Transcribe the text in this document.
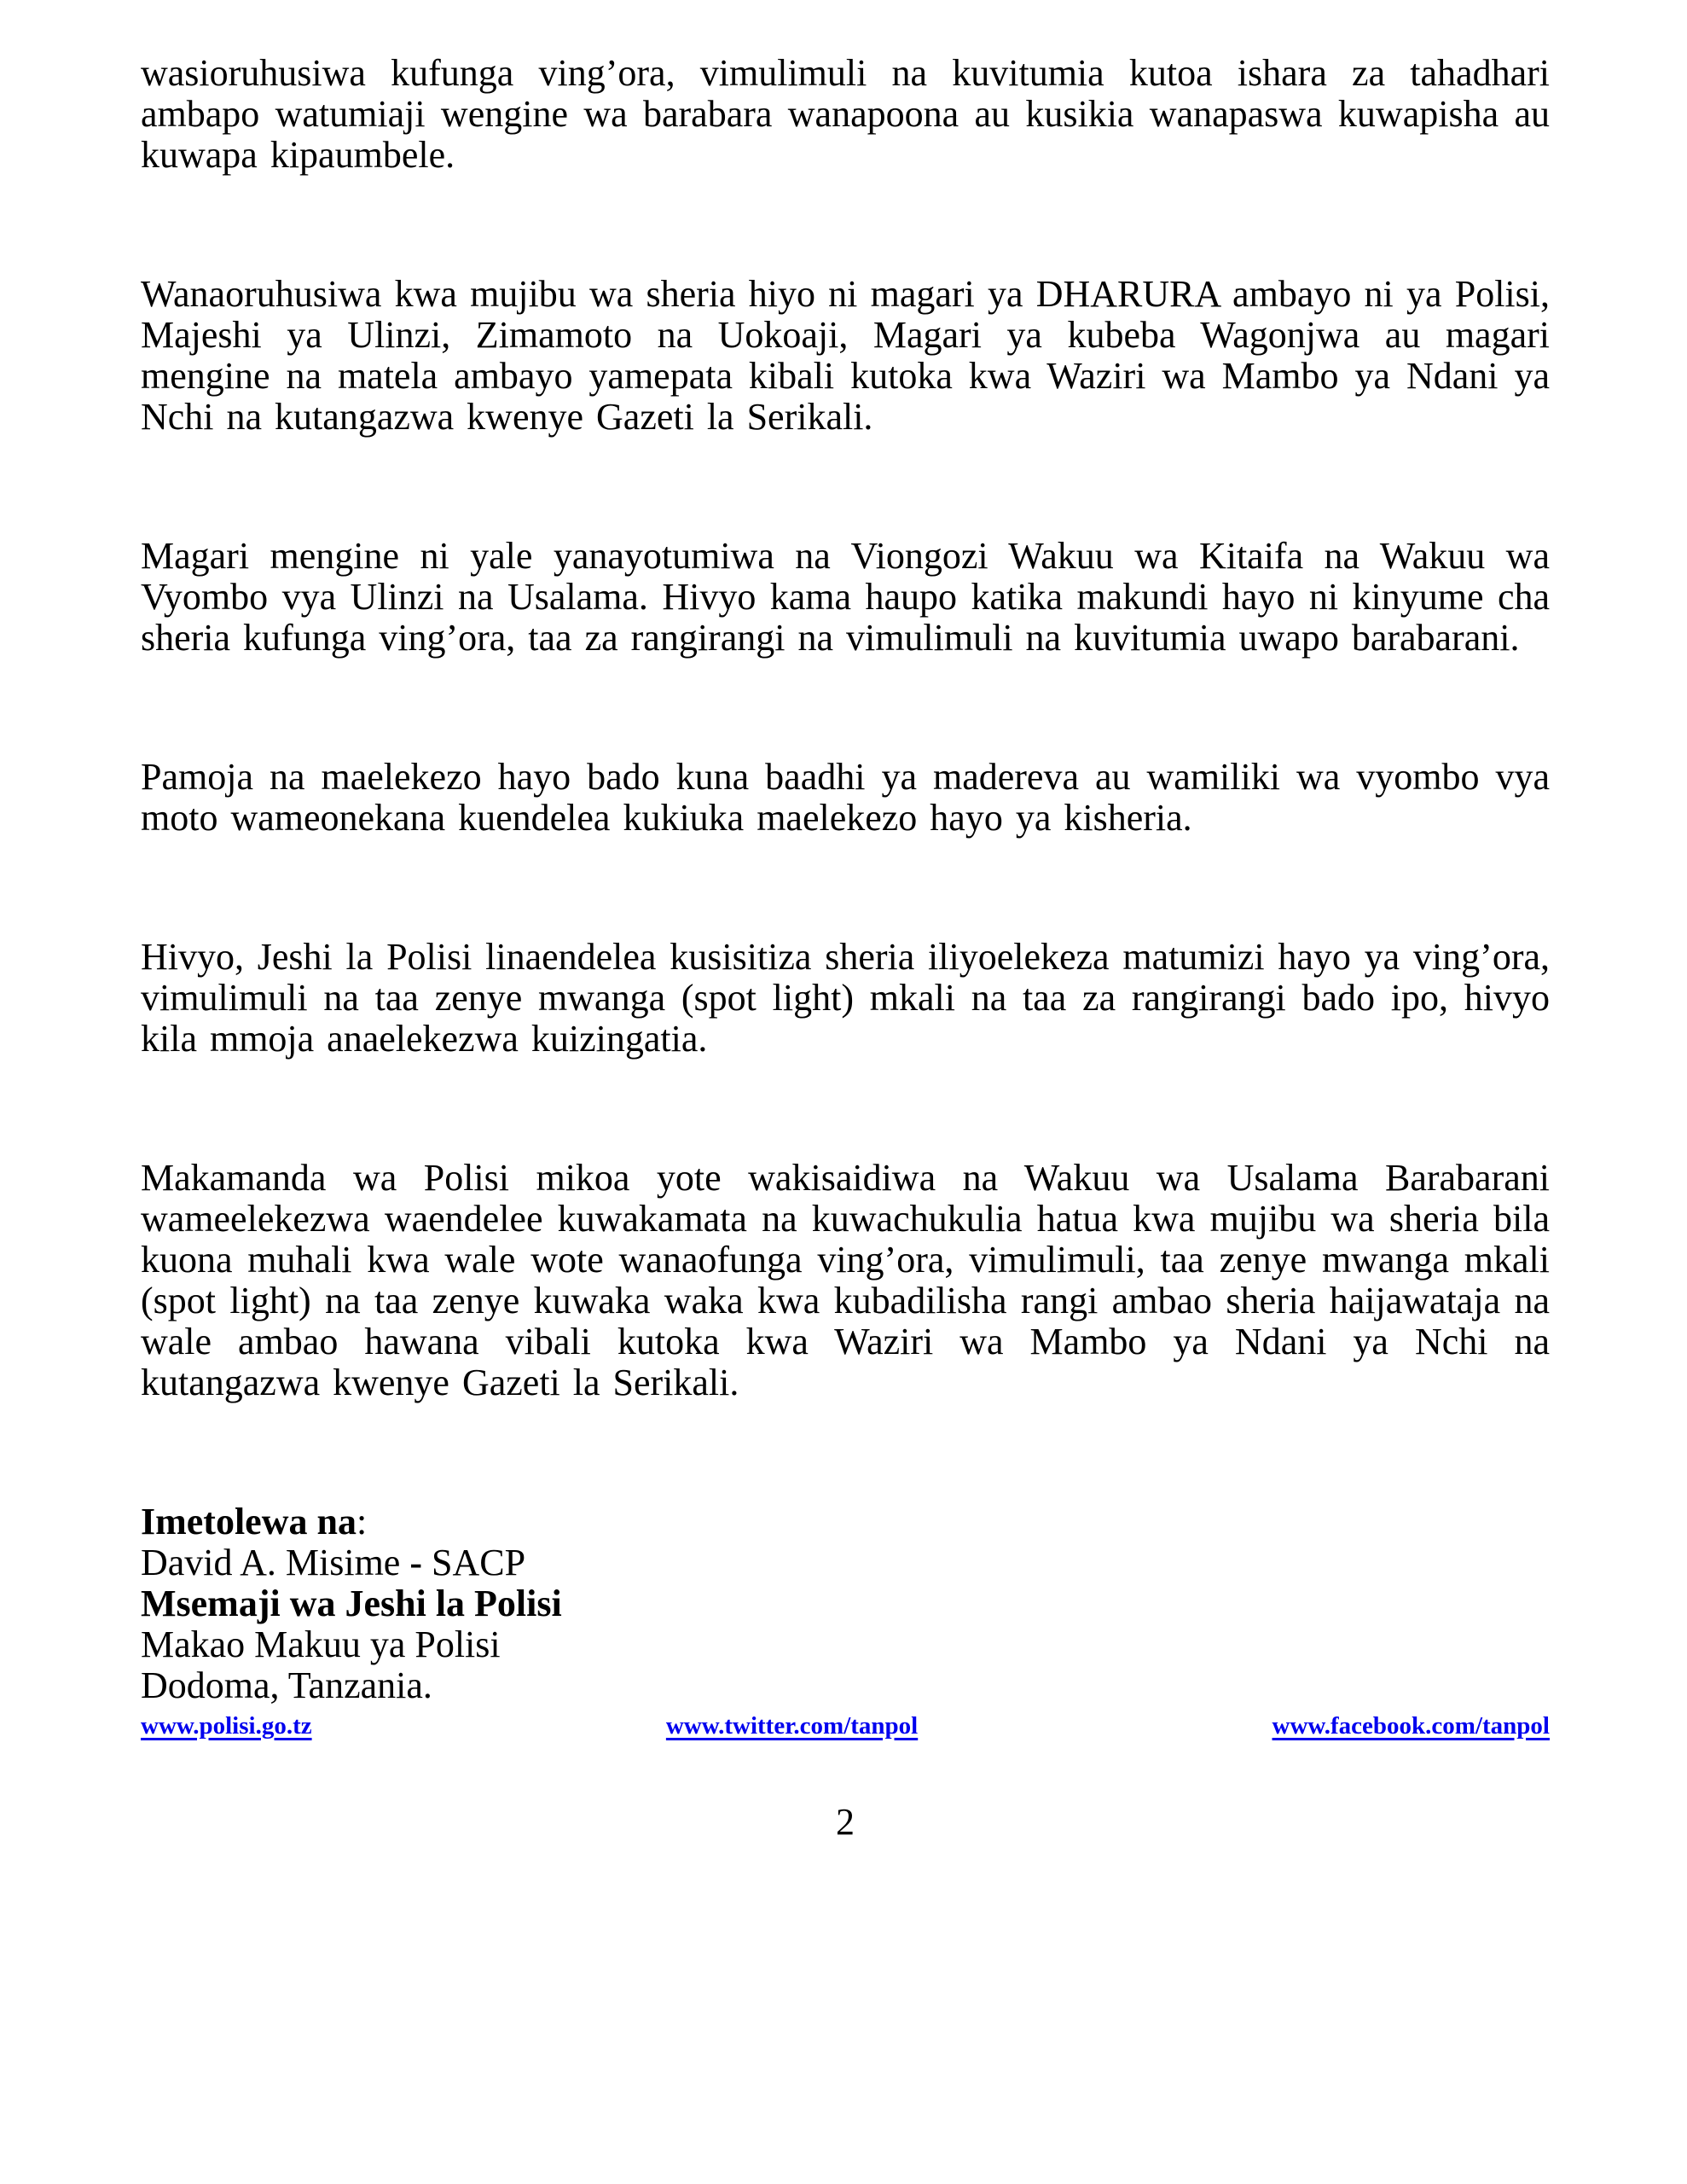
wasioruhusiwa kufunga ving’ora, vimulimuli na kuvitumia kutoa ishara za tahadhari ambapo watumiaji wengine wa barabara wanapoona au kusikia wanapaswa kuwapisha au kuwapa kipaumbele.

Wanaoruhusiwa kwa mujibu wa sheria hiyo ni magari ya DHARURA ambayo ni ya Polisi, Majeshi ya Ulinzi, Zimamoto na Uokoaji, Magari ya kubeba Wagonjwa au magari mengine na matela ambayo yamepata kibali kutoka kwa Waziri wa Mambo ya Ndani ya Nchi na kutangazwa kwenye Gazeti la Serikali.

Magari mengine ni yale yanayotumiwa na Viongozi Wakuu wa Kitaifa na Wakuu wa Vyombo vya Ulinzi na Usalama. Hivyo kama haupo katika makundi hayo ni kinyume cha sheria kufunga ving’ora, taa za rangirangi na vimulimuli na kuvitumia uwapo barabarani.

Pamoja na maelekezo hayo bado kuna baadhi ya madereva au wamiliki wa vyombo vya moto wameonekana kuendelea kukiuka maelekezo hayo ya kisheria.

Hivyo, Jeshi la Polisi linaendelea kusisitiza sheria iliyoelekeza matumizi hayo ya ving’ora, vimulimuli na taa zenye mwanga (spot light) mkali na taa za rangirangi bado ipo, hivyo kila mmoja anaelekezwa kuizingatia.

Makamanda wa Polisi mikoa yote wakisaidiwa na Wakuu wa Usalama Barabarani wameelekezwa waendelee kuwakamata na kuwachukulia hatua kwa mujibu wa sheria bila kuona muhali kwa wale wote wanaofunga ving’ora, vimulimuli, taa zenye mwanga mkali (spot light) na taa zenye kuwaka waka kwa kubadilisha rangi ambao sheria haijawataja na wale ambao hawana vibali kutoka kwa Waziri wa Mambo ya Ndani ya Nchi na kutangazwa kwenye Gazeti la Serikali.

Imetolewa na:
David A. Misime - SACP
Msemaji wa Jeshi la Polisi
Makao Makuu ya Polisi
Dodoma, Tanzania.
www.polisi.go.tz	www.twitter.com/tanpol	www.facebook.com/tanpol
2
